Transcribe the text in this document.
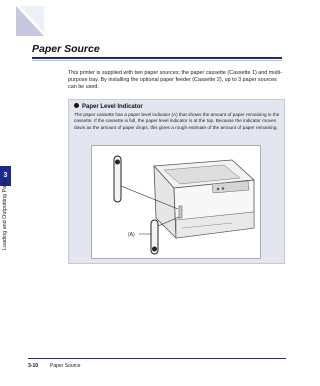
Paper Source
This printer is supplied with two paper sources: the paper cassette (Cassette 1) and multi-purpose tray. By installing the optional paper feeder (Cassette 2), up to 3 paper sources can be used.
3
Loading and Outputting Paper
Paper Level Indicator
The paper cassette has a paper level indicator (A) that shows the amount of paper remaining in the cassette. If the cassette is full, the paper level indicator is at the top. Because the indicator moves down as the amount of paper drops, this gives a rough estimate of the amount of paper remaining.
(A)
3-10 Paper Source
